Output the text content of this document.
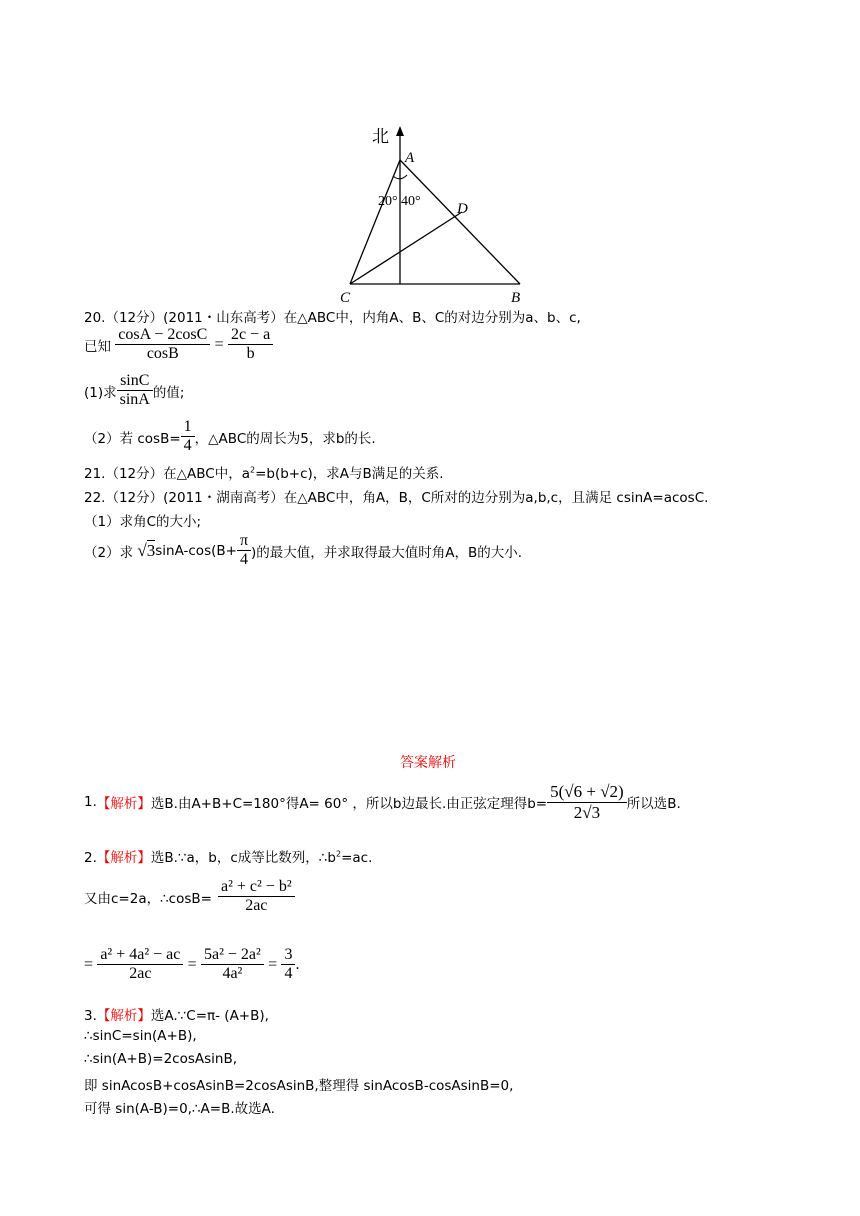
北
A
D
C	B
20° 40°
20.（12分）(2011・山东高考）在△ABC中，内角A、B、C的对边分别为a、b、c,
已知 $\frac{\cos A - 2\cos C}{\cos B} = \frac{2c - a}{b}$
(1)求 $\frac{\sin C}{\sin A}$ 的值;
（2）若 $\cos B= \frac{1}{4}$ ，△ABC的周长为5，求b的长.
21.（12分）在△ABC中，$a^2=b(b+c)$，求A与B满足的关系.
22.（12分）(2011・湖南高考）在△ABC中，角A，B，C所对的边分别为a,b,c，且满足 csinA=acosC.
（1）求角C的大小;
（2）求 $√3\sin A-\cos(B+ \frac{\pi}{4}$ )的最大值，并求取得最大值时角A，B的大小.
答案解析
1.【解析】选B.由A+B+C=180°得A= 60° ，所以b边最长.由正弦定理得$b= \frac{5(√6 + √2)}{2√3}$ 所以选B.
2.【解析】选B.∵a，b，c成等比数列，$\therefore b^2=ac$.
又由c=2a，∴cosB= $\frac{\text{a² + c² − b²}}{2ac}$
= $\frac{\text{a² + 4a² − ac}}{2ac} = \frac{\text{5a² − 2a²}}{\text{4a²}} = \frac{3}{4}$ .
3.【解析】选A.∵C=π- (A+B),
∴sinC=sin(A+B),
∴sin(A+B)=2cosAsinB,
即 sinAcosB+cosAsinB=2cosAsinB,整理得 sinAcosB-cosAsinB=0,
可得 sin(A-B)=0,∴A=B.故选A.
